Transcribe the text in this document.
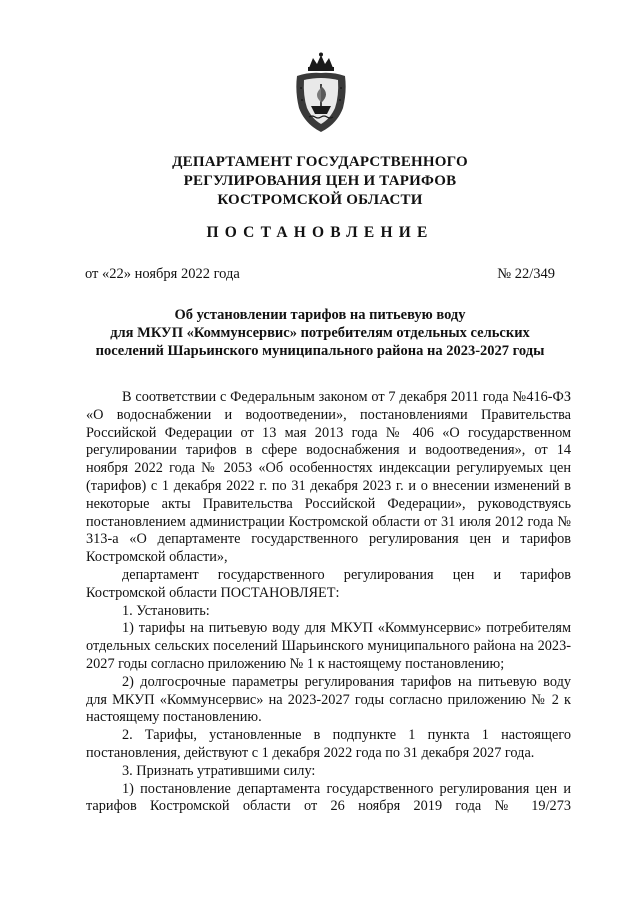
ДЕПАРТАМЕНТ ГОСУДАРСТВЕННОГО
РЕГУЛИРОВАНИЯ ЦЕН И ТАРИФОВ
КОСТРОМСКОЙ ОБЛАСТИ
ПОСТАНОВЛЕНИЕ
от «22» ноября 2022 года	№ 22/349
Об установлении тарифов на питьевую воду
для МКУП «Коммунсервис» потребителям отдельных сельских
поселений Шарьинского муниципального района на 2023-2027 годы

В соответствии с Федеральным законом от 7 декабря 2011 года №416-ФЗ «О водоснабжении и водоотведении», постановлениями Правительства Российской Федерации от 13 мая 2013 года № 406 «О государственном регулировании тарифов в сфере водоснабжения и водоотведения», от 14 ноября 2022 года № 2053 «Об особенностях индексации регулируемых цен (тарифов) с 1 декабря 2022 г. по 31 декабря 2023 г. и о внесении изменений в некоторые акты Правительства Российской Федерации», руководствуясь постановлением администрации Костромской области от 31 июля 2012 года № 313-а «О департаменте государственного регулирования цен и тарифов Костромской области»,

департамент государственного регулирования цен и тарифов Костромской области ПОСТАНОВЛЯЕТ:

1. Установить:

1) тарифы на питьевую воду для МКУП «Коммунсервис» потребителям отдельных сельских поселений Шарьинского муниципального района на 2023-2027 годы согласно приложению № 1 к настоящему постановлению;

2) долгосрочные параметры регулирования тарифов на питьевую воду для МКУП «Коммунсервис» на 2023-2027 годы согласно приложению № 2 к настоящему постановлению.

2. Тарифы, установленные в подпункте 1 пункта 1 настоящего постановления, действуют с 1 декабря 2022 года по 31 декабря 2027 года.

3. Признать утратившими силу:

1) постановление департамента государственного регулирования цен и тарифов Костромской области от 26 ноября 2019 года № 19/273
